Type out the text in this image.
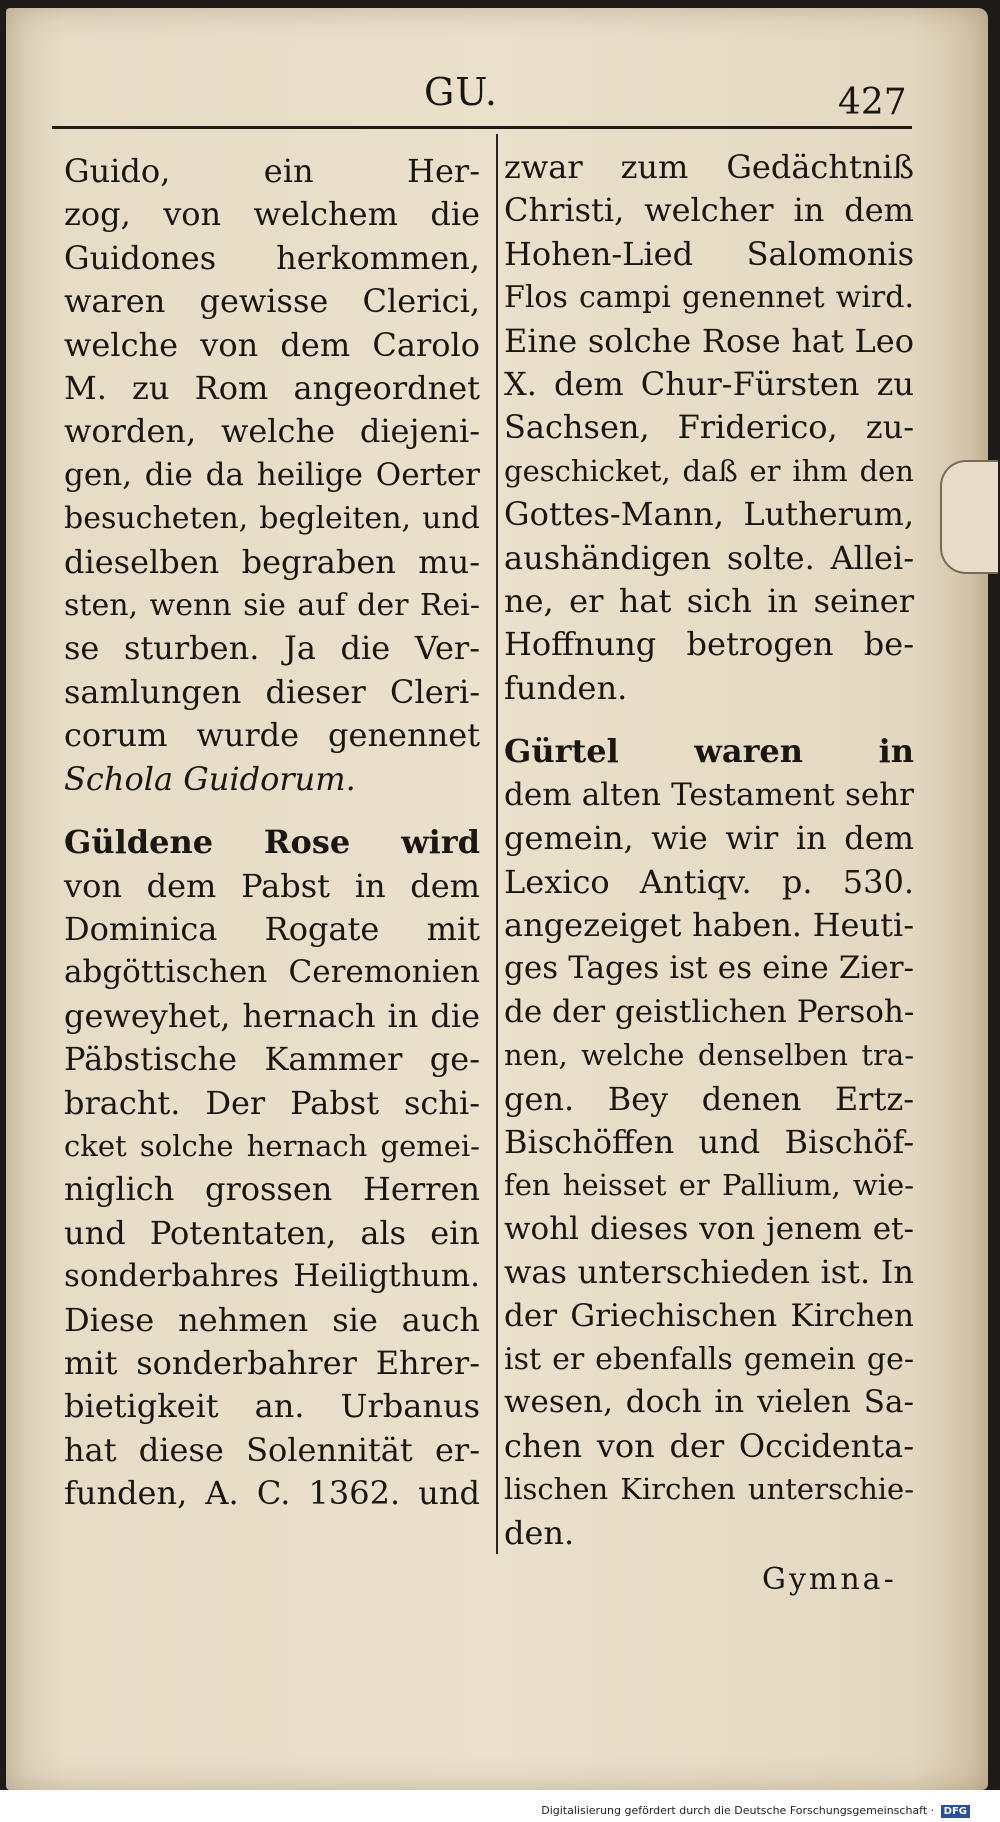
GU.	427
Guido, ein Her-
zog, von welchem die
Guidones herkommen,
waren gewisse Clerici,
welche von dem Carolo
M. zu Rom angeordnet
worden, welche diejeni-
gen, die da heilige Oerter
besucheten, begleiten, und
dieselben begraben mu-
sten, wenn sie auf der Rei-
se sturben. Ja die Ver-
samlungen dieser Cleri-
corum wurde genennet
Schola Guidorum.
Güldene Rose wird
von dem Pabst in dem
Dominica Rogate mit
abgöttischen Ceremonien
geweyhet, hernach in die
Päbstische Kammer ge-
bracht. Der Pabst schi-
cket solche hernach gemei-
niglich grossen Herren
und Potentaten, als ein
sonderbahres Heiligthum.
Diese nehmen sie auch
mit sonderbahrer Ehrer-
bietigkeit an. Urbanus
hat diese Solennität er-
funden, A. C. 1362. und
zwar zum Gedächtniß
Christi, welcher in dem
Hohen-Lied Salomonis
Flos campi genennet wird.
Eine solche Rose hat Leo
X. dem Chur-Fürsten zu
Sachsen, Friderico, zu-
geschicket, daß er ihm den
Gottes-Mann, Lutherum,
aushändigen solte. Allei-
ne, er hat sich in seiner
Hoffnung betrogen be-
funden.
Gürtel waren in
dem alten Testament sehr
gemein, wie wir in dem
Lexico Antiqv. p. 530.
angezeiget haben. Heuti-
ges Tages ist es eine Zier-
de der geistlichen Persoh-
nen, welche denselben tra-
gen. Bey denen Ertz-
Bischöffen und Bischöf-
fen heisset er Pallium, wie-
wohl dieses von jenem et-
was unterschieden ist. In
der Griechischen Kirchen
ist er ebenfalls gemein ge-
wesen, doch in vielen Sa-
chen von der Occidenta-
lischen Kirchen unterschie-
den.
Gymna-
Digitalisierung gefördert durch die Deutsche Forschungsgemeinschaft · DFG
